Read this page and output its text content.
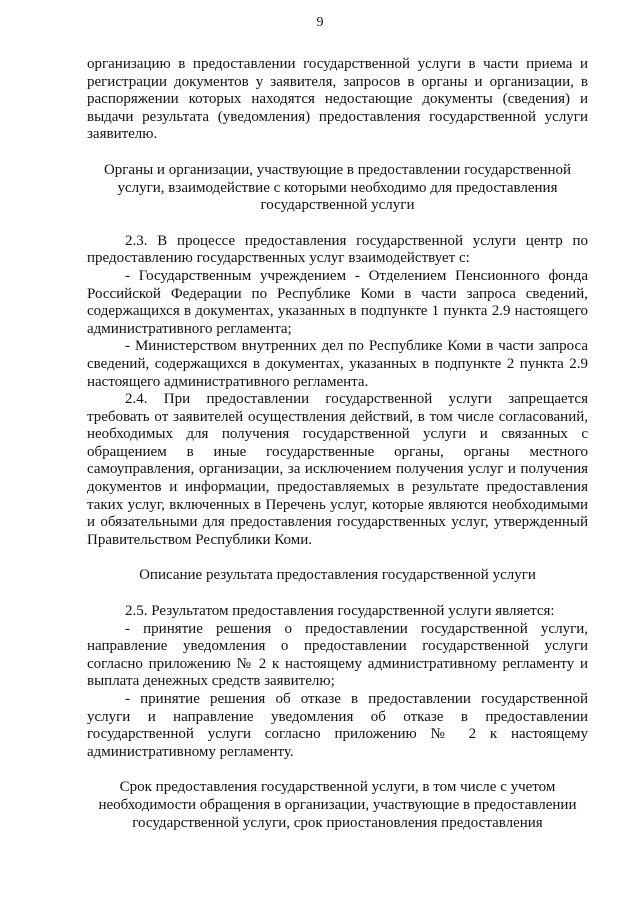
9

организацию в предоставлении государственной услуги в части приема и регистрации документов у заявителя, запросов в органы и организации, в распоряжении которых находятся недостающие документы (сведения) и выдачи результата (уведомления) предоставления государственной услуги заявителю.

Органы и организации, участвующие в предоставлении государственной услуги, взаимодействие с которыми необходимо для предоставления государственной услуги

2.3. В процессе предоставления государственной услуги центр по предоставлению государственных услуг взаимодействует с:

- Государственным учреждением - Отделением Пенсионного фонда Российской Федерации по Республике Коми в части запроса сведений, содержащихся в документах, указанных в подпункте 1 пункта 2.9 настоящего административного регламента;

- Министерством внутренних дел по Республике Коми в части запроса сведений, содержащихся в документах, указанных в подпункте 2 пункта 2.9 настоящего административного регламента.

2.4. При предоставлении государственной услуги запрещается требовать от заявителей осуществления действий, в том числе согласований, необходимых для получения государственной услуги и связанных с обращением в иные государственные органы, органы местного самоуправления, организации, за исключением получения услуг и получения документов и информации, предоставляемых в результате предоставления таких услуг, включенных в Перечень услуг, которые являются необходимыми и обязательными для предоставления государственных услуг, утвержденный Правительством Республики Коми.

Описание результата предоставления государственной услуги

2.5. Результатом предоставления государственной услуги является:

- принятие решения о предоставлении государственной услуги, направление уведомления о предоставлении государственной услуги согласно приложению № 2 к настоящему административному регламенту и выплата денежных средств заявителю;

- принятие решения об отказе в предоставлении государственной услуги и направление уведомления об отказе в предоставлении государственной услуги согласно приложению № 2 к настоящему административному регламенту.

Срок предоставления государственной услуги, в том числе с учетом необходимости обращения в организации, участвующие в предоставлении государственной услуги, срок приостановления предоставления
